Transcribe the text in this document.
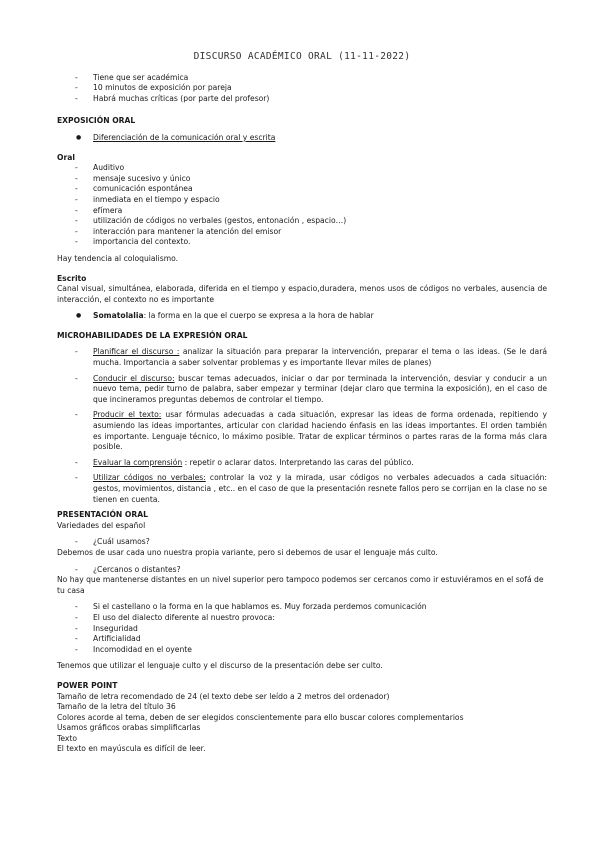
DISCURSO ACADÉMICO ORAL (11-11-2022)
- Tiene que ser académica
- 10 minutos de exposición por pareja
- Habrá muchas críticas (por parte del profesor)
EXPOSICIÓN ORAL
● Diferenciación de la comunicación oral y escrita
Oral
- Auditivo
- mensaje sucesivo y único
- comunicación espontánea
- inmediata en el tiempo y espacio
- efímera
- utilización de códigos no verbales (gestos, entonación , espacio…)
- interacción para mantener la atención del emisor
- importancia del contexto.
Hay tendencia al coloquialismo.
Escrito
Canal visual, simultánea, elaborada, diferida en el tiempo y espacio,duradera, menos usos de códigos no verbales, ausencia de interacción, el contexto no es importante
● Somatolalia: la forma en la que el cuerpo se expresa a la hora de hablar
MICROHABILIDADES DE LA EXPRESIÓN ORAL
- Planificar el discurso : analizar la situación para preparar la intervención, preparar el tema o las ideas. (Se le dará mucha. Importancia a saber solventar problemas y es importante llevar miles de planes)
- Conducir el discurso: buscar temas adecuados, iniciar o dar por terminada la intervención, desviar y conducir a un nuevo tema, pedir turno de palabra, saber empezar y terminar (dejar claro que termina la exposición), en el caso de que incineramos preguntas debemos de controlar el tiempo.
- Producir el texto: usar fórmulas adecuadas a cada situación, expresar las ideas de forma ordenada, repitiendo y asumiendo las ideas importantes, articular con claridad haciendo énfasis en las ideas importantes. El orden también es importante. Lenguaje técnico, lo máximo posible. Tratar de explicar términos o partes raras de la forma más clara posible.
- Evaluar la comprensión : repetir o aclarar datos. Interpretando las caras del público.
- Utilizar códigos no verbales: controlar la voz y la mirada, usar códigos no verbales adecuados a cada situación: gestos, movimientos, distancia , etc.. en el caso de que la presentación resnete fallos pero se corrijan en la clase no se tienen en cuenta.
PRESENTACIÓN ORAL
Variedades del español
- ¿Cuál usamos?
Debemos de usar cada uno nuestra propia variante, pero si debemos de usar el lenguaje más culto.
- ¿Cercanos o distantes?
No hay que mantenerse distantes en un nivel superior pero tampoco podemos ser cercanos como ir estuviéramos en el sofá de tu casa
- Si el castellano o la forma en la que hablamos es. Muy forzada perdemos comunicación
- El uso del dialecto diferente al nuestro provoca:
- Inseguridad
- Artificialidad
- Incomodidad en el oyente
Tenemos que utilizar el lenguaje culto y el discurso de la presentación debe ser culto.
POWER POINT
Tamaño de letra recomendado de 24 (el texto debe ser leído a 2 metros del ordenador)
Tamaño de la letra del título 36
Colores acorde al tema, deben de ser elegidos conscientemente para ello buscar colores complementarios
Usamos gráficos orabas simplificarlas
Texto
El texto en mayúscula es difícil de leer.
